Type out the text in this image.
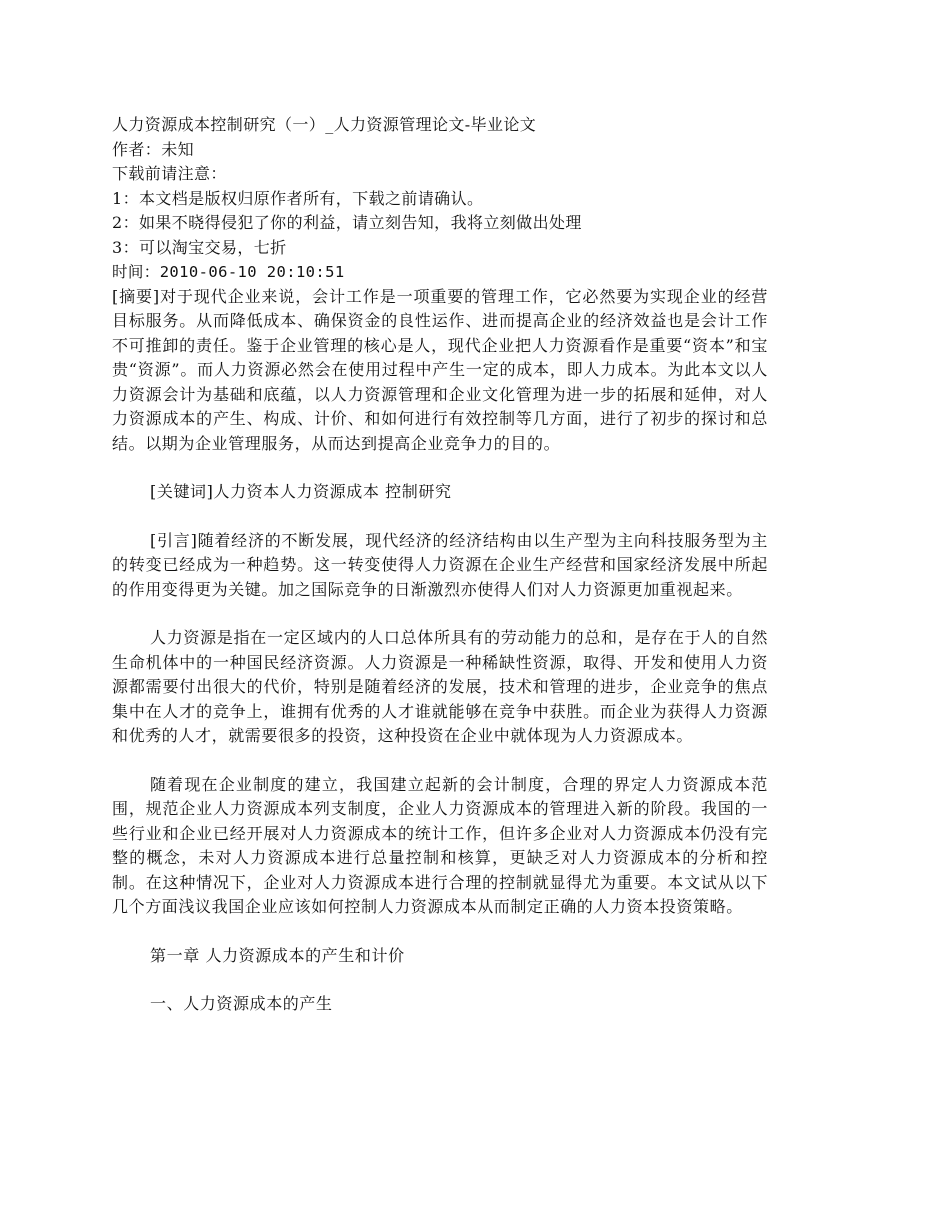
人力资源成本控制研究（一）_人力资源管理论文-毕业论文
作者：未知
下载前请注意：
1：本文档是版权归原作者所有，下载之前请确认。
2：如果不晓得侵犯了你的利益，请立刻告知，我将立刻做出处理
3：可以淘宝交易，七折
时间：2010-06-10 20:10:51

[摘要]对于现代企业来说，会计工作是一项重要的管理工作，它必然要为实现企业的经营目标服务。从而降低成本、确保资金的良性运作、进而提高企业的经济效益也是会计工作不可推卸的责任。鉴于企业管理的核心是人，现代企业把人力资源看作是重要“资本”和宝贵“资源”。而人力资源必然会在使用过程中产生一定的成本，即人力成本。为此本文以人力资源会计为基础和底蕴，以人力资源管理和企业文化管理为进一步的拓展和延伸，对人力资源成本的产生、构成、计价、和如何进行有效控制等几方面，进行了初步的探讨和总结。以期为企业管理服务，从而达到提高企业竞争力的目的。

[关键词]人力资本人力资源成本 控制研究

[引言]随着经济的不断发展，现代经济的经济结构由以生产型为主向科技服务型为主的转变已经成为一种趋势。这一转变使得人力资源在企业生产经营和国家经济发展中所起的作用变得更为关键。加之国际竞争的日渐激烈亦使得人们对人力资源更加重视起来。

人力资源是指在一定区域内的人口总体所具有的劳动能力的总和，是存在于人的自然生命机体中的一种国民经济资源。人力资源是一种稀缺性资源，取得、开发和使用人力资源都需要付出很大的代价，特别是随着经济的发展，技术和管理的进步，企业竞争的焦点集中在人才的竞争上，谁拥有优秀的人才谁就能够在竞争中获胜。而企业为获得人力资源和优秀的人才，就需要很多的投资，这种投资在企业中就体现为人力资源成本。

随着现在企业制度的建立，我国建立起新的会计制度，合理的界定人力资源成本范围，规范企业人力资源成本列支制度，企业人力资源成本的管理进入新的阶段。我国的一些行业和企业已经开展对人力资源成本的统计工作，但许多企业对人力资源成本仍没有完整的概念，未对人力资源成本进行总量控制和核算，更缺乏对人力资源成本的分析和控制。在这种情况下，企业对人力资源成本进行合理的控制就显得尤为重要。本文试从以下几个方面浅议我国企业应该如何控制人力资源成本从而制定正确的人力资本投资策略。

第一章 人力资源成本的产生和计价

一、人力资源成本的产生
